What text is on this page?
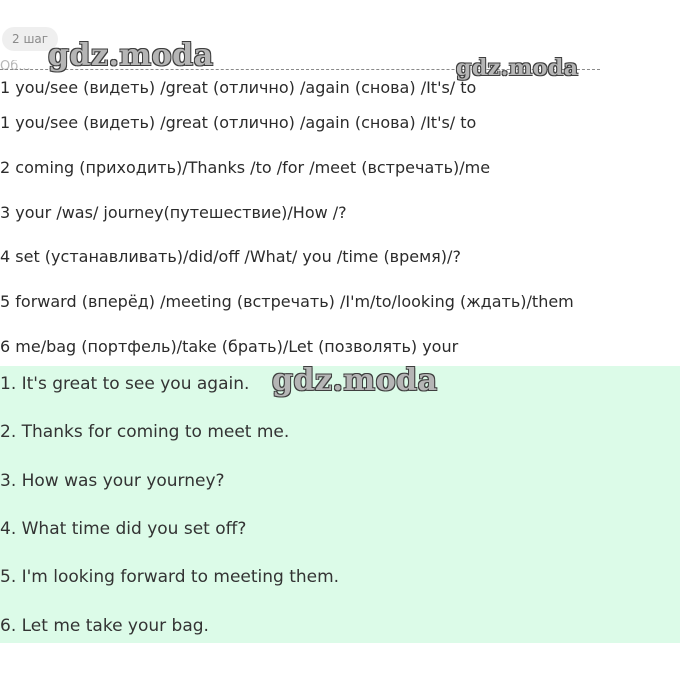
2 шаг
Об...
1 you/see (видеть) /great (отлично) /again (снова) /It's/ to
1 you/see (видеть) /great (отлично) /again (снова) /It's/ to
2 coming (приходить)/Thanks /to /for /meet (встречать)/me
3 your /was/ journey(путешествие)/How /?
4 set (устанавливать)/did/off /What/ you /time (время)/?
5 forward (вперёд) /meeting (встречать) /I'm/to/looking (ждать)/them
6 me/bag (портфель)/take (брать)/Let (позволять) your
1. It's great to see you again.
2. Thanks for coming to meet me.
3. How was your yourney?
4. What time did you set off?
5. I'm looking forward to meeting them.
6. Let me take your bag.
gdz.moda	gdz.moda
gdz.moda
